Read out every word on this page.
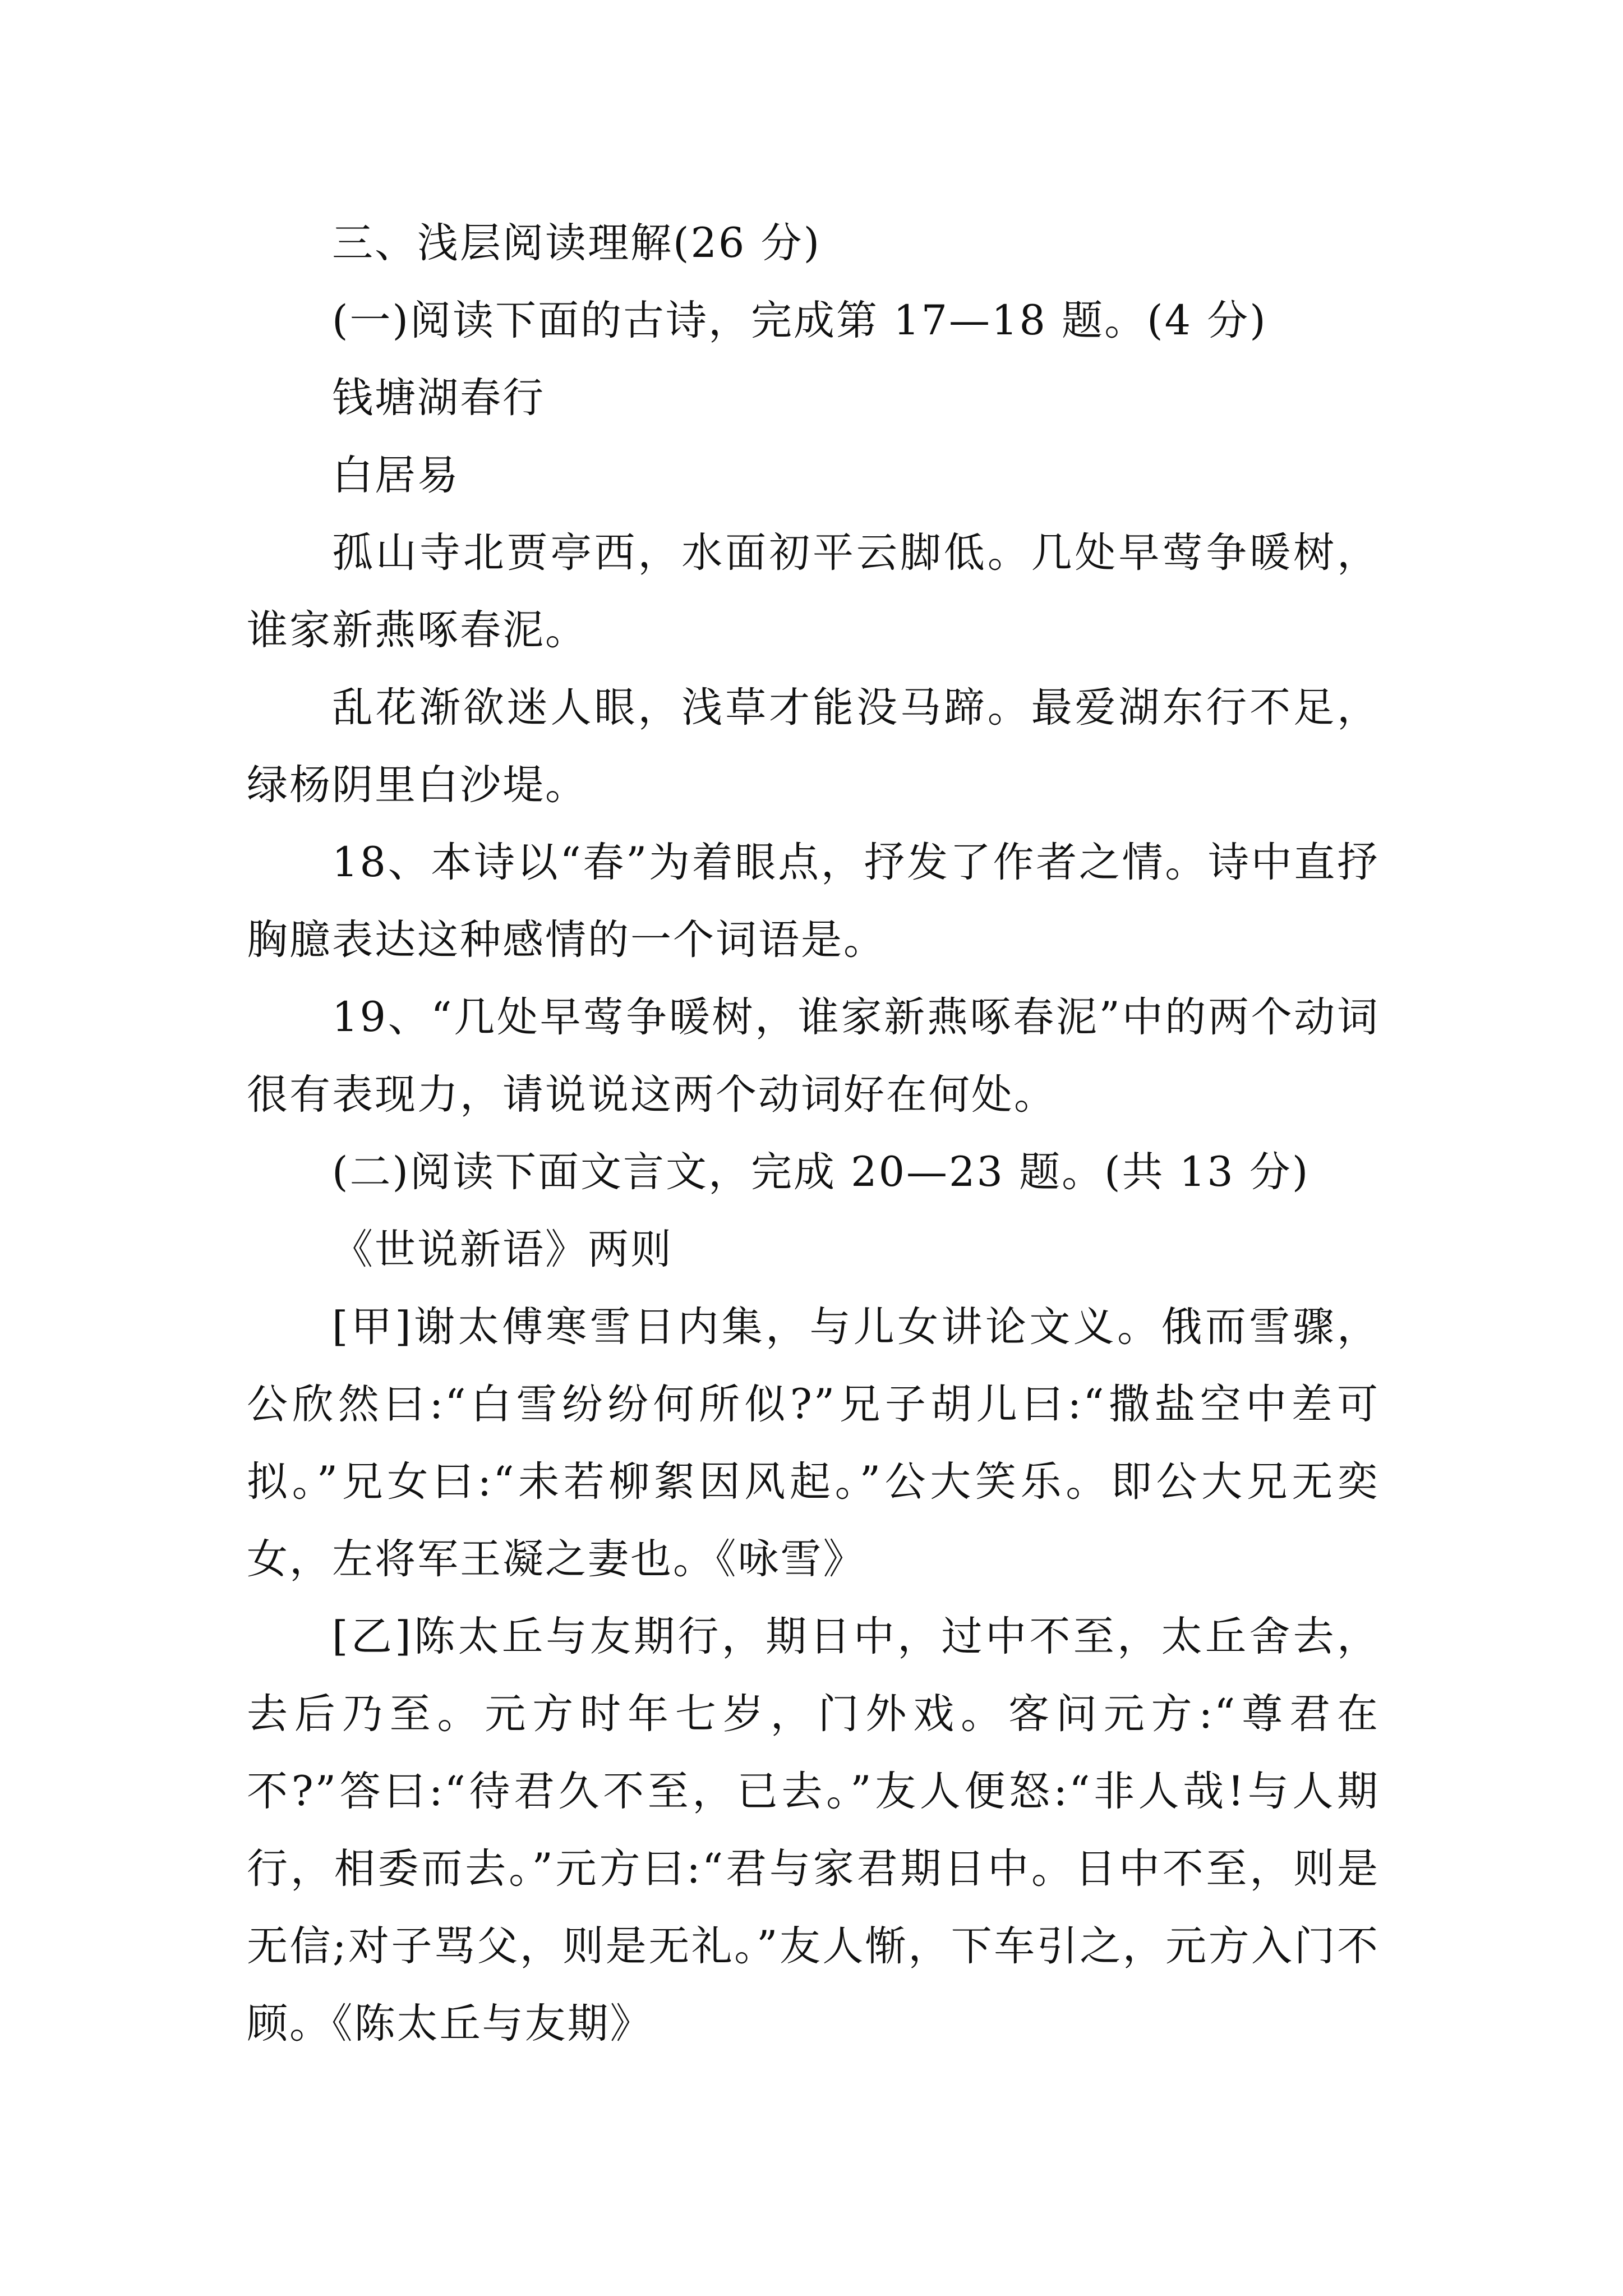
三、浅层阅读理解(26 分)

(一)阅读下面的古诗，完成第 17—18 题。(4 分)

钱塘湖春行

白居易

孤山寺北贾亭西，水面初平云脚低。几处早莺争暖树，谁家新燕啄春泥。

乱花渐欲迷人眼，浅草才能没马蹄。最爱湖东行不足，绿杨阴里白沙堤。

18、本诗以“春”为着眼点，抒发了作者之情。诗中直抒胸臆表达这种感情的一个词语是。

19、“几处早莺争暖树，谁家新燕啄春泥”中的两个动词很有表现力，请说说这两个动词好在何处。

(二)阅读下面文言文，完成 20—23 题。(共 13 分)

《世说新语》两则

[甲]谢太傅寒雪日内集，与儿女讲论文义。俄而雪骤，公欣然曰:“白雪纷纷何所似?”兄子胡儿曰:“撒盐空中差可拟。”兄女曰:“未若柳絮因风起。”公大笑乐。即公大兄无奕女，左将军王凝之妻也。《咏雪》

[乙]陈太丘与友期行，期日中，过中不至，太丘舍去，去后乃至。元方时年七岁，门外戏。客问元方:“尊君在不?”答曰:“待君久不至，已去。”友人便怒:“非人哉!与人期行，相委而去。”元方曰:“君与家君期日中。日中不至，则是无信;对子骂父，则是无礼。”友人惭，下车引之，元方入门不顾。《陈太丘与友期》
